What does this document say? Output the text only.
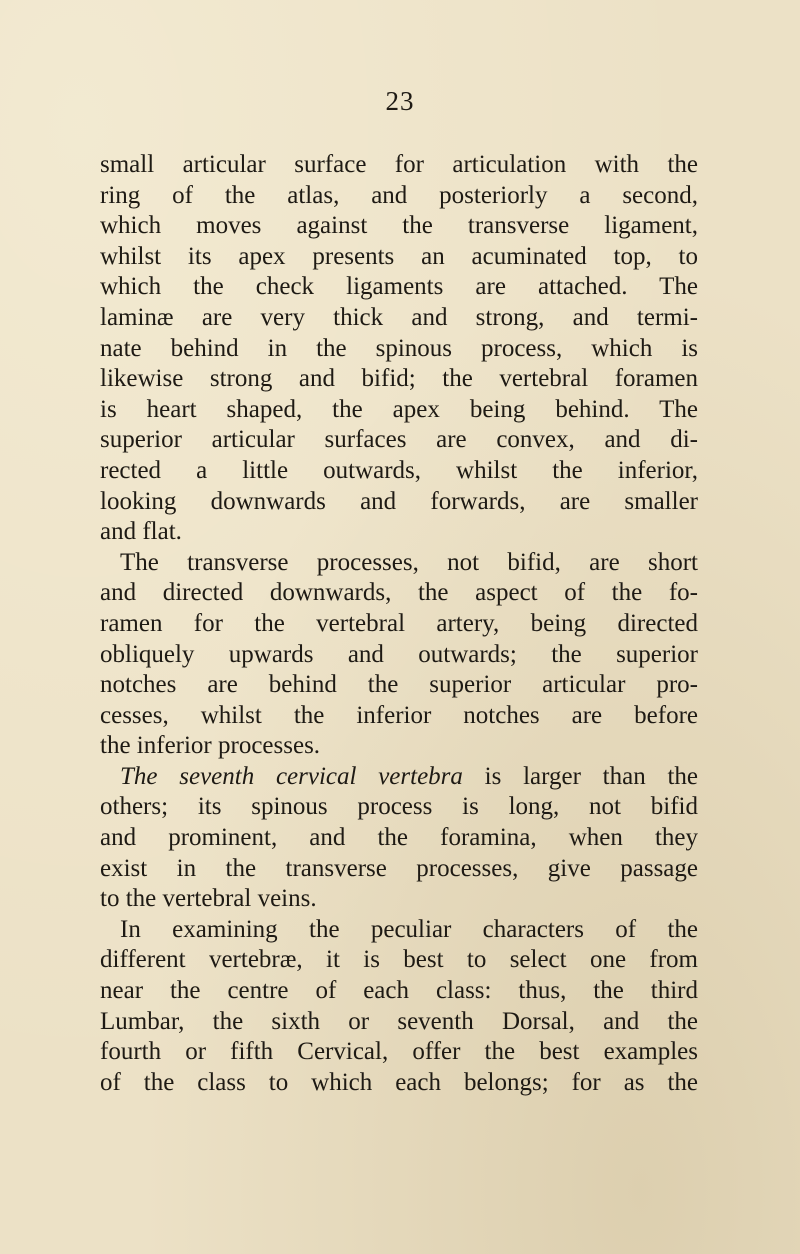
23
small articular surface for articulation with the
ring of the atlas, and posteriorly a second,
which moves against the transverse ligament,
whilst its apex presents an acuminated top, to
which the check ligaments are attached. The
laminæ are very thick and strong, and termi-
nate behind in the spinous process, which is
likewise strong and bifid; the vertebral foramen
is heart shaped, the apex being behind. The
superior articular surfaces are convex, and di-
rected a little outwards, whilst the inferior,
looking downwards and forwards, are smaller
and flat.
The transverse processes, not bifid, are short
and directed downwards, the aspect of the fo-
ramen for the vertebral artery, being directed
obliquely upwards and outwards; the superior
notches are behind the superior articular pro-
cesses, whilst the inferior notches are before
the inferior processes.
The seventh cervical vertebra is larger than the
others; its spinous process is long, not bifid
and prominent, and the foramina, when they
exist in the transverse processes, give passage
to the vertebral veins.
In examining the peculiar characters of the
different vertebræ, it is best to select one from
near the centre of each class: thus, the third
Lumbar, the sixth or seventh Dorsal, and the
fourth or fifth Cervical, offer the best examples
of the class to which each belongs; for as the
